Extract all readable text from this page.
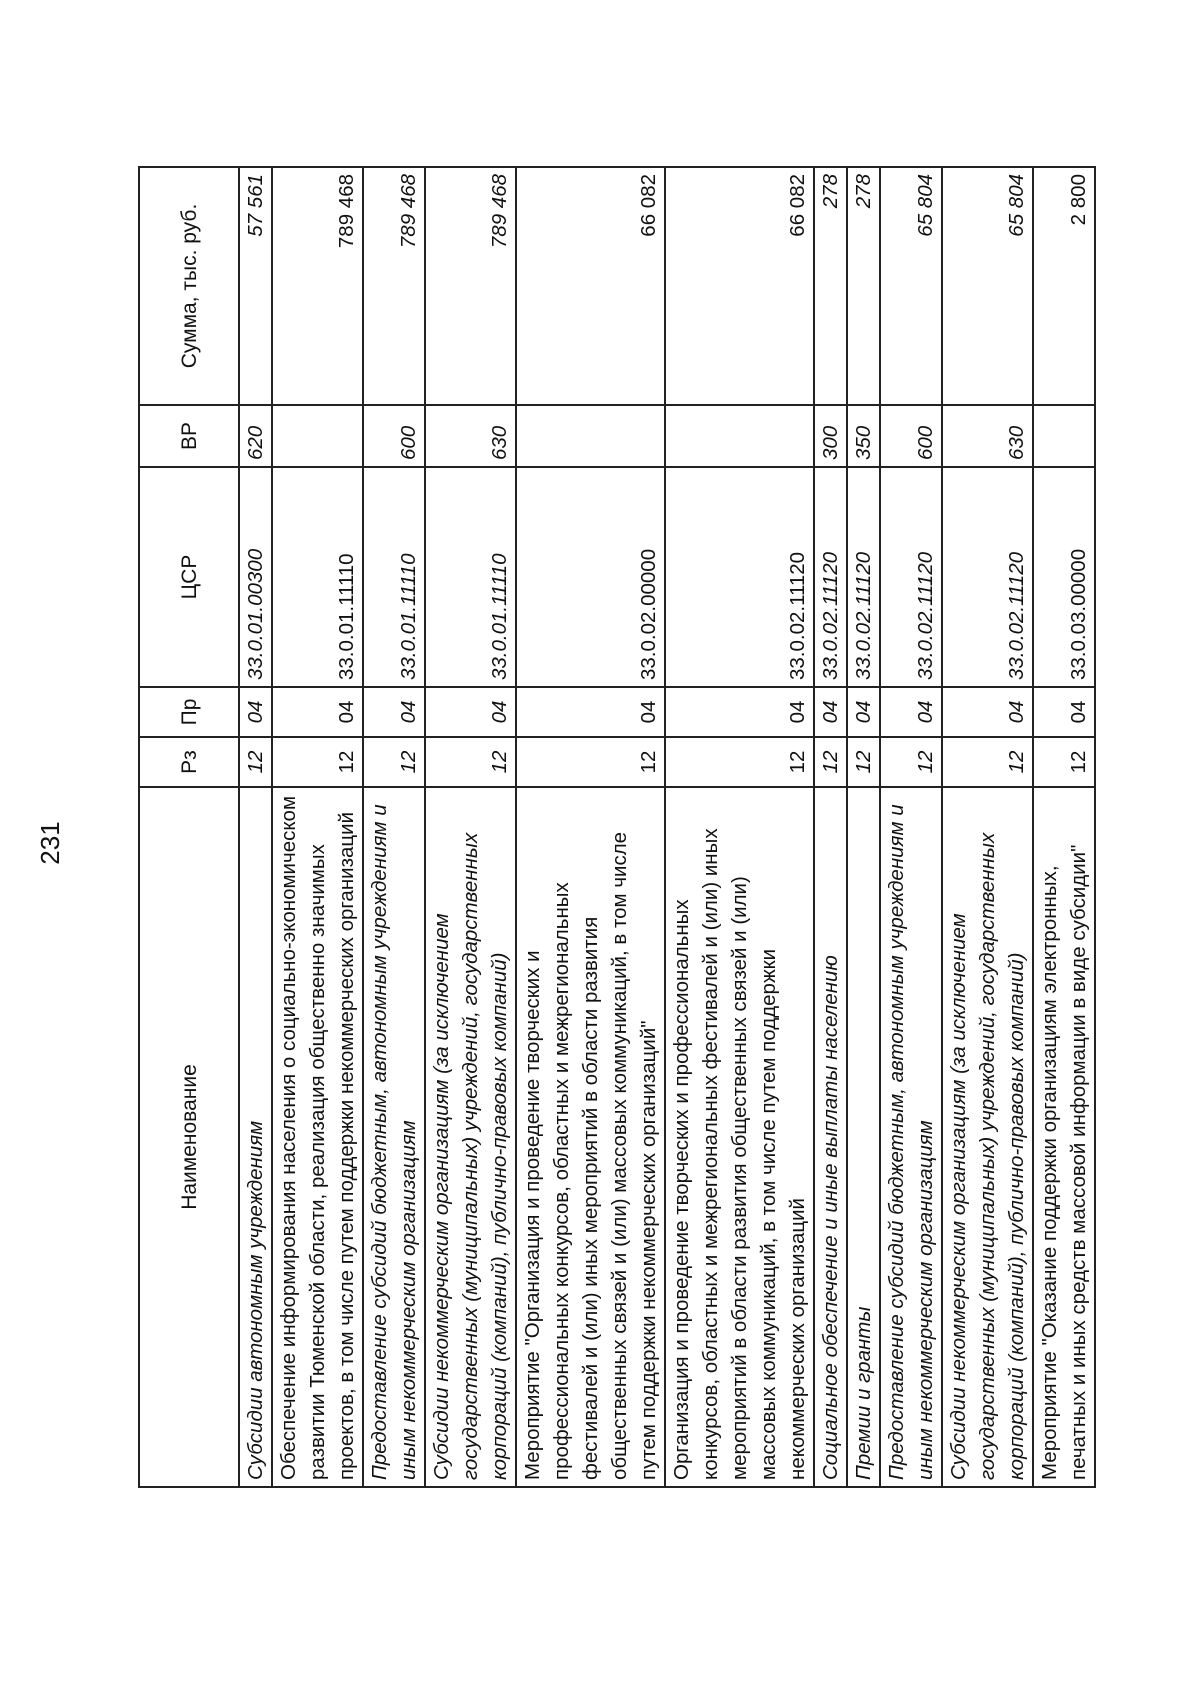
231
Наименование	Рз	Пр	ЦСР	ВР	Сумма, тыс. руб.
Субсидии автономным учреждениям	12	04	33.0.01.00300	620	57 561
Обеспечение информирования населения о социально-экономическом развитии Тюменской области, реализация общественно значимых проектов, в том числе путем поддержки некоммерческих организаций	12	04	33.0.01.11110		789 468
Предоставление субсидий бюджетным, автономным учреждениям и иным некоммерческим организациям	12	04	33.0.01.11110	600	789 468
Субсидии некоммерческим организациям (за исключением государственных (муниципальных) учреждений, государственных корпораций (компаний), публично-правовых компаний)	12	04	33.0.01.11110	630	789 468
Мероприятие "Организация и проведение творческих и профессиональных конкурсов, областных и межрегиональных фестивалей и (или) иных мероприятий в области развития общественных связей и (или) массовых коммуникаций, в том числе путем поддержки некоммерческих организаций"	12	04	33.0.02.00000		66 082
Организация и проведение творческих и профессиональных конкурсов, областных и межрегиональных фестивалей и (или) иных мероприятий в области развития общественных связей и (или) массовых коммуникаций, в том числе путем поддержки некоммерческих организаций	12	04	33.0.02.11120		66 082
Социальное обеспечение и иные выплаты населению	12	04	33.0.02.11120	300	278
Премии и гранты	12	04	33.0.02.11120	350	278
Предоставление субсидий бюджетным, автономным учреждениям и иным некоммерческим организациям	12	04	33.0.02.11120	600	65 804
Субсидии некоммерческим организациям (за исключением государственных (муниципальных) учреждений, государственных корпораций (компаний), публично-правовых компаний)	12	04	33.0.02.11120	630	65 804
Мероприятие "Оказание поддержки организациям электронных, печатных и иных средств массовой информации в виде субсидии"	12	04	33.0.03.00000		2 800
